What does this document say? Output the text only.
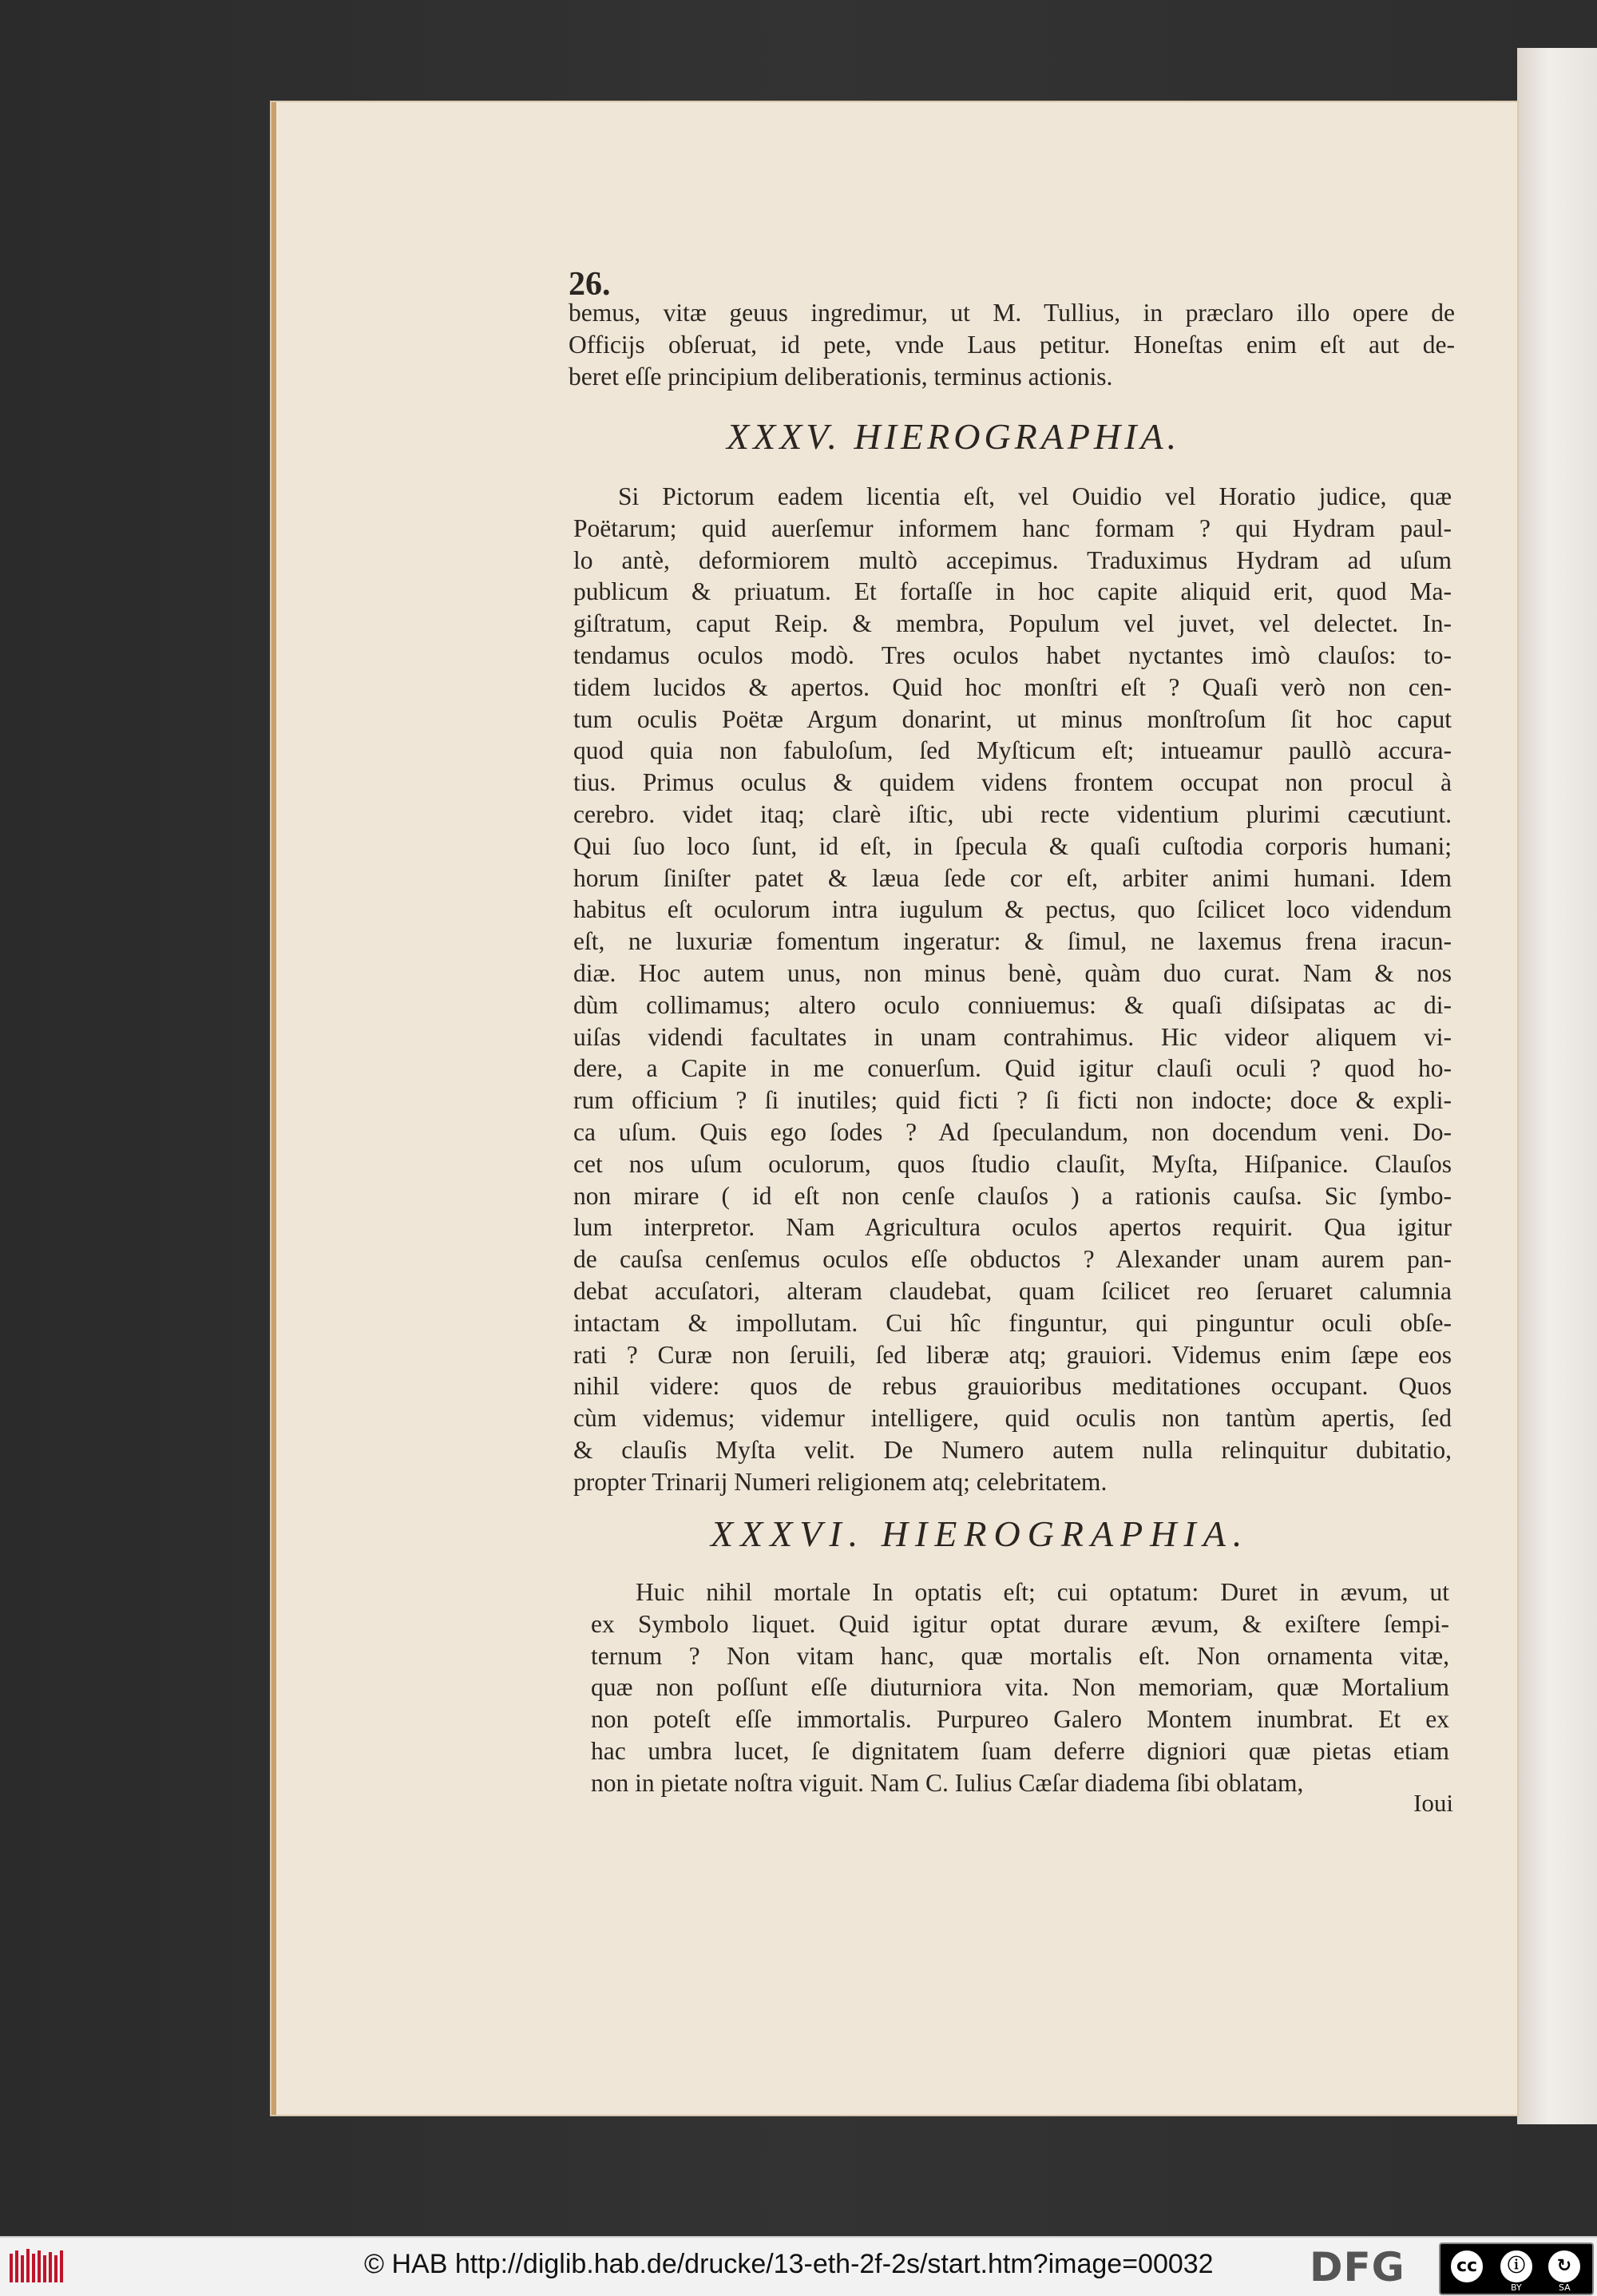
26.
bemus, vitæ geuus ingredimur, ut M. Tullius, in præclaro illo opere de
Officijs obſeruat, id pete, vnde Laus petitur. Honeſtas enim eſt aut de-
beret eſſe principium deliberationis, terminus actionis.
XXXV. HIEROGRAPHIA.
Si Pictorum eadem licentia eſt, vel Ouidio vel Horatio judice, quæ
Poëtarum; quid auerſemur informem hanc formam ? qui Hydram paul-
lo antè, deformiorem multò accepimus. Traduximus Hydram ad uſum
publicum & priuatum. Et fortaſſe in hoc capite aliquid erit, quod Ma-
giſtratum, caput Reip. & membra, Populum vel juvet, vel delectet. In-
tendamus oculos modò. Tres oculos habet nyctantes imò clauſos: to-
tidem lucidos & apertos. Quid hoc monſtri eſt ? Quaſi verò non cen-
tum oculis Poëtæ Argum donarint, ut minus monſtroſum ſit hoc caput
quod quia non fabuloſum, ſed Myſticum eſt; intueamur paullò accura-
tius. Primus oculus & quidem videns frontem occupat non procul à
cerebro. videt itaq; clarè iſtic, ubi recte videntium plurimi cæcutiunt.
Qui ſuo loco ſunt, id eſt, in ſpecula & quaſi cuſtodia corporis humani;
horum ſiniſter patet & læua ſede cor eſt, arbiter animi humani. Idem
habitus eſt oculorum intra iugulum & pectus, quo ſcilicet loco videndum
eſt, ne luxuriæ fomentum ingeratur: & ſimul, ne laxemus frena iracun-
diæ. Hoc autem unus, non minus benè, quàm duo curat. Nam & nos
dùm collimamus; altero oculo conniuemus: & quaſi diſsipatas ac di-
uiſas videndi facultates in unam contrahimus. Hic videor aliquem vi-
dere, a Capite in me conuerſum. Quid igitur clauſi oculi ? quod ho-
rum officium ? ſi inutiles; quid ficti ? ſi ficti non indocte; doce & expli-
ca uſum. Quis ego ſodes ? Ad ſpeculandum, non docendum veni. Do-
cet nos uſum oculorum, quos ſtudio clauſit, Myſta, Hiſpanice. Clauſos
non mirare ( id eſt non cenſe clauſos ) a rationis cauſsa. Sic ſymbo-
lum interpretor. Nam Agricultura oculos apertos requirit. Qua igitur
de cauſsa cenſemus oculos eſſe obductos ? Alexander unam aurem pan-
debat accuſatori, alteram claudebat, quam ſcilicet reo ſeruaret calumnia
intactam & impollutam. Cui hîc finguntur, qui pinguntur oculi obſe-
rati ? Curæ non ſeruili, ſed liberæ atq; grauiori. Videmus enim ſæpe eos
nihil videre: quos de rebus grauioribus meditationes occupant. Quos
cùm videmus; videmur intelligere, quid oculis non tantùm apertis, ſed
& clauſis Myſta velit. De Numero autem nulla relinquitur dubitatio,
propter Trinarij Numeri religionem atq; celebritatem.
XXXVI. HIEROGRAPHIA.
Huic nihil mortale In optatis eſt; cui optatum: Duret in ævum, ut
ex Symbolo liquet. Quid igitur optat durare ævum, & exiſtere ſempi-
ternum ? Non vitam hanc, quæ mortalis eſt. Non ornamenta vitæ,
quæ non poſſunt eſſe diuturniora vita. Non memoriam, quæ Mortalium
non poteſt eſſe immortalis. Purpureo Galero Montem inumbrat. Et ex
hac umbra lucet, ſe dignitatem ſuam deferre digniori quæ pietas etiam
non in pietate noſtra viguit. Nam C. Iulius Cæſar diadema ſibi oblatam,
Ioui
© HAB http://diglib.hab.de/drucke/13-eth-2f-2s/start.htm?image=00032 DFG	cc	ⓘ	↻
BY	SA
